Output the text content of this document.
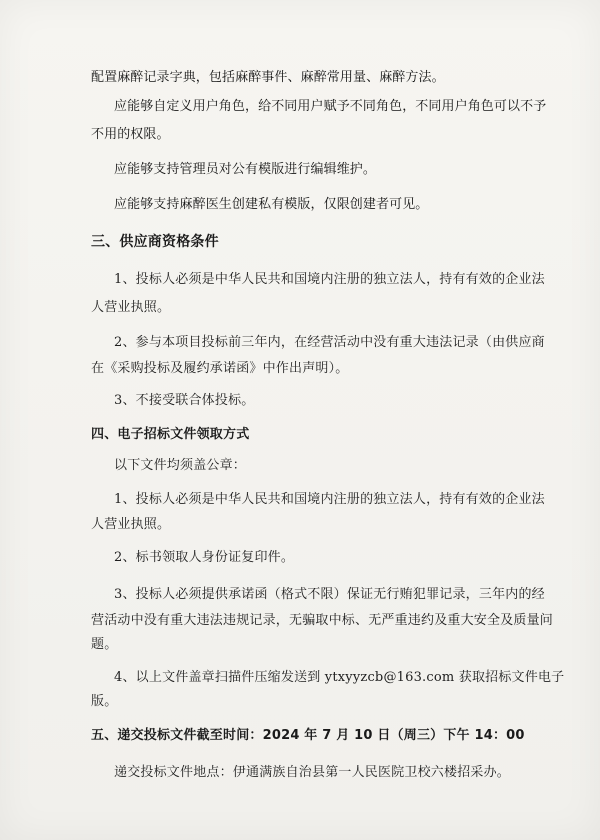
配置麻醉记录字典，包括麻醉事件、麻醉常用量、麻醉方法。
应能够自定义用户角色，给不同用户赋予不同角色，不同用户角色可以不予
不用的权限。
应能够支持管理员对公有模版进行编辑维护。
应能够支持麻醉医生创建私有模版，仅限创建者可见。
三、供应商资格条件
1、投标人必须是中华人民共和国境内注册的独立法人，持有有效的企业法
人营业执照。
2、参与本项目投标前三年内，在经营活动中没有重大违法记录（由供应商
在《采购投标及履约承诺函》中作出声明）。
3、不接受联合体投标。
四、电子招标文件领取方式
以下文件均须盖公章：
1、投标人必须是中华人民共和国境内注册的独立法人，持有有效的企业法
人营业执照。
2、标书领取人身份证复印件。
3、投标人必须提供承诺函（格式不限）保证无行贿犯罪记录，三年内的经
营活动中没有重大违法违规记录，无骗取中标、无严重违约及重大安全及质量问
题。
4、以上文件盖章扫描件压缩发送到 ytxyyzcb@163.com 获取招标文件电子
版。
五、递交投标文件截至时间：2024 年 7 月 10 日（周三）下午 14：00
递交投标文件地点：伊通满族自治县第一人民医院卫校六楼招采办。
